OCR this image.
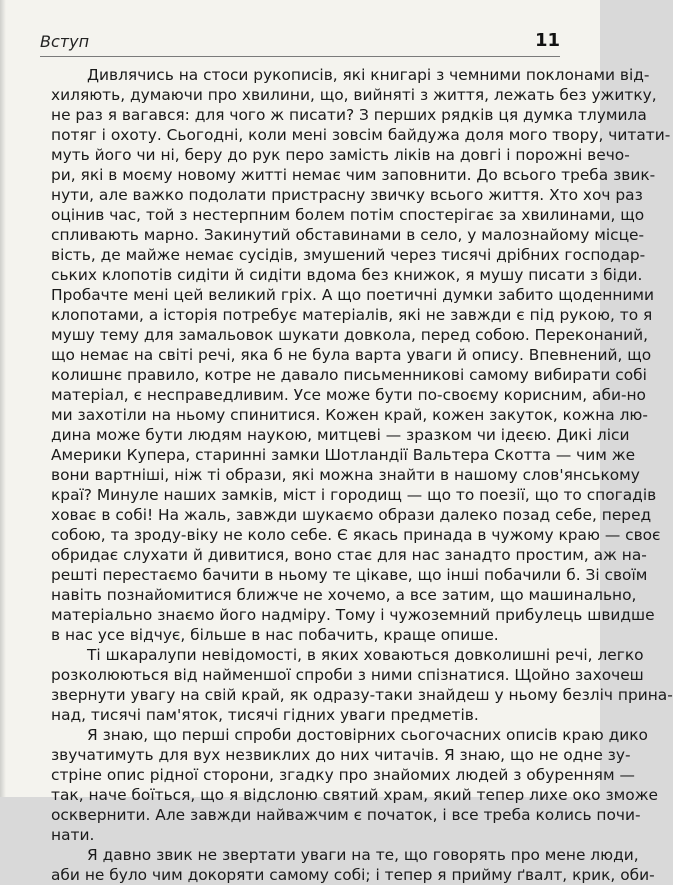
Вступ	11

Дивлячись на стоси рукописів, які книгарі з чемними поклонами від-
хиляють, думаючи про хвилини, що, вийняті з життя, лежать без ужитку,
не раз я вагався: для чого ж писати? З перших рядків ця думка тлумила
потяг і охоту. Сьогодні, коли мені зовсім байдужа доля мого твору, читати-
муть його чи ні, беру до рук перо замість ліків на довгі і порожні вечо-
ри, які в моєму новому житті немає чим заповнити. До всього треба звик-
нути, але важко подолати пристрасну звичку всього життя. Хто хоч раз
оцінив час, той з нестерпним болем потім спостерігає за хвилинами, що
спливають марно. Закинутий обставинами в село, у малознайому місце-
вість, де майже немає сусідів, змушений через тисячі дрібних господар-
ських клопотів сидіти й сидіти вдома без книжок, я мушу писати з біди.
Пробачте мені цей великий гріх. А що поетичні думки забито щоденними
клопотами, а історія потребує матеріалів, які не завжди є під рукою, то я
мушу тему для замальовок шукати довкола, перед собою. Переконаний,
що немає на світі речі, яка б не була варта уваги й опису. Впевнений, що
колишнє правило, котре не давало письменникові самому вибирати собі
матеріал, є несправедливим. Усе може бути по-своєму корисним, аби-но
ми захотіли на ньому спинитися. Кожен край, кожен закуток, кожна лю-
дина може бути людям наукою, митцеві — зразком чи ідеєю. Дикі ліси
Америки Купера, старинні замки Шотландії Вальтера Скотта — чим же
вони вартніші, ніж ті образи, які можна знайти в нашому слов'янському
краї? Минуле наших замків, міст і городищ — що то поезії, що то спогадів
ховає в собі! На жаль, завжди шукаємо образи далеко позад себе, перед
собою, та зроду-віку не коло себе. Є якась принада в чужому краю — своє
обридає слухати й дивитися, воно стає для нас занадто простим, аж на-
решті перестаємо бачити в ньому те цікаве, що інші побачили б. Зі своїм
навіть познайомитися ближче не хочемо, а все затим, що машинально,
матеріально знаємо його надміру. Тому і чужоземний прибулець швидше
в нас усе відчує, більше в нас побачить, краще опише.

Ті шкаралупи невідомості, в яких ховаються довколишні речі, легко
розколюються від найменшої спроби з ними спізнатися. Щойно захочеш
звернути увагу на свій край, як одразу-таки знайдеш у ньому безліч прина-
над, тисячі пам'яток, тисячі гідних уваги предметів.

Я знаю, що перші спроби достовірних сьогочасних описів краю дико
звучатимуть для вух незвиклих до них читачів. Я знаю, що не одне зу-
стріне опис рідної сторони, згадку про знайомих людей з обуренням —
так, наче боїться, що я відслоню святий храм, який тепер лихе око зможе
осквернити. Але завжди найважчим є початок, і все треба колись почи-
нати.

Я давно звик не звертати уваги на те, що говорять про мене люди,
аби не було чим докоряти самому собі; і тепер я прийму ґвалт, крик, оби-
